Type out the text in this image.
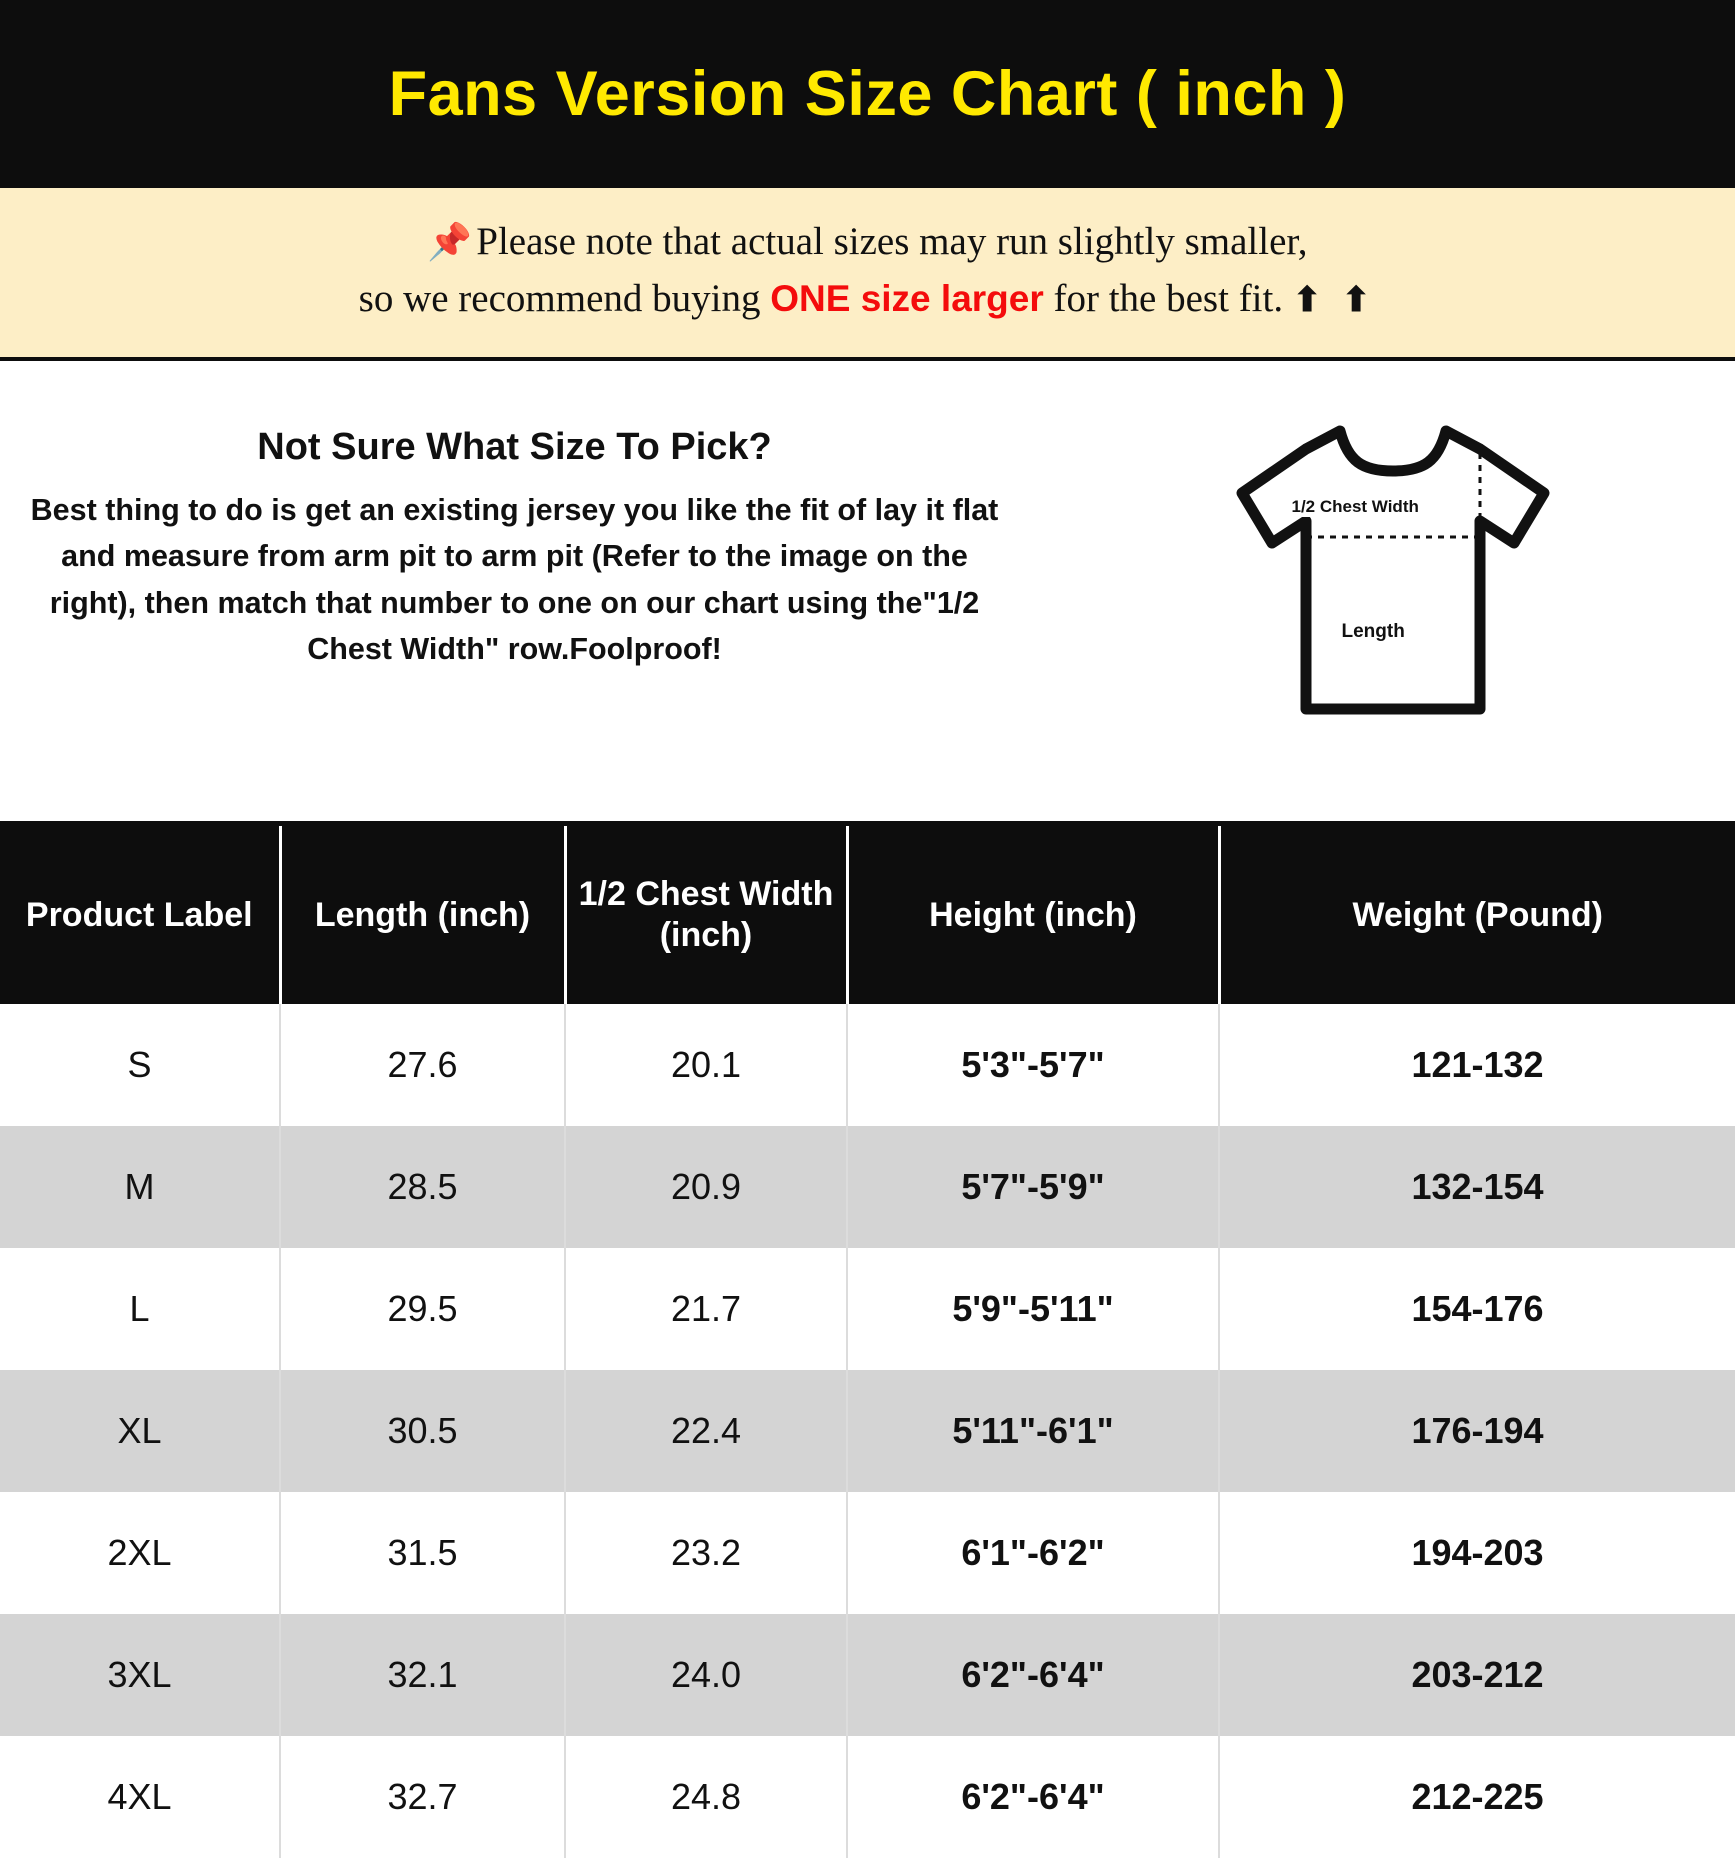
Fans Version Size Chart ( inch )
📌 Please note that actual sizes may run slightly smaller,
so we recommend buying ONE size larger for the best fit. ⬆ ⬆
Not Sure What Size To Pick?

Best thing to do is get an existing jersey you like the fit of lay it flat and measure from arm pit to arm pit (Refer to the image on the right), then match that number to one on our chart using the"1/2 Chest Width" row.Foolproof!

1/2 Chest Width
Length
Product Label	Length (inch)	1/2 Chest Width (inch)	Height (inch)	Weight (Pound)
S	27.6	20.1	5'3"-5'7"	121-132
M	28.5	20.9	5'7"-5'9"	132-154
L	29.5	21.7	5'9"-5'11"	154-176
XL	30.5	22.4	5'11"-6'1"	176-194
2XL	31.5	23.2	6'1"-6'2"	194-203
3XL	32.1	24.0	6'2"-6'4"	203-212
4XL	32.7	24.8	6'2"-6'4"	212-225
